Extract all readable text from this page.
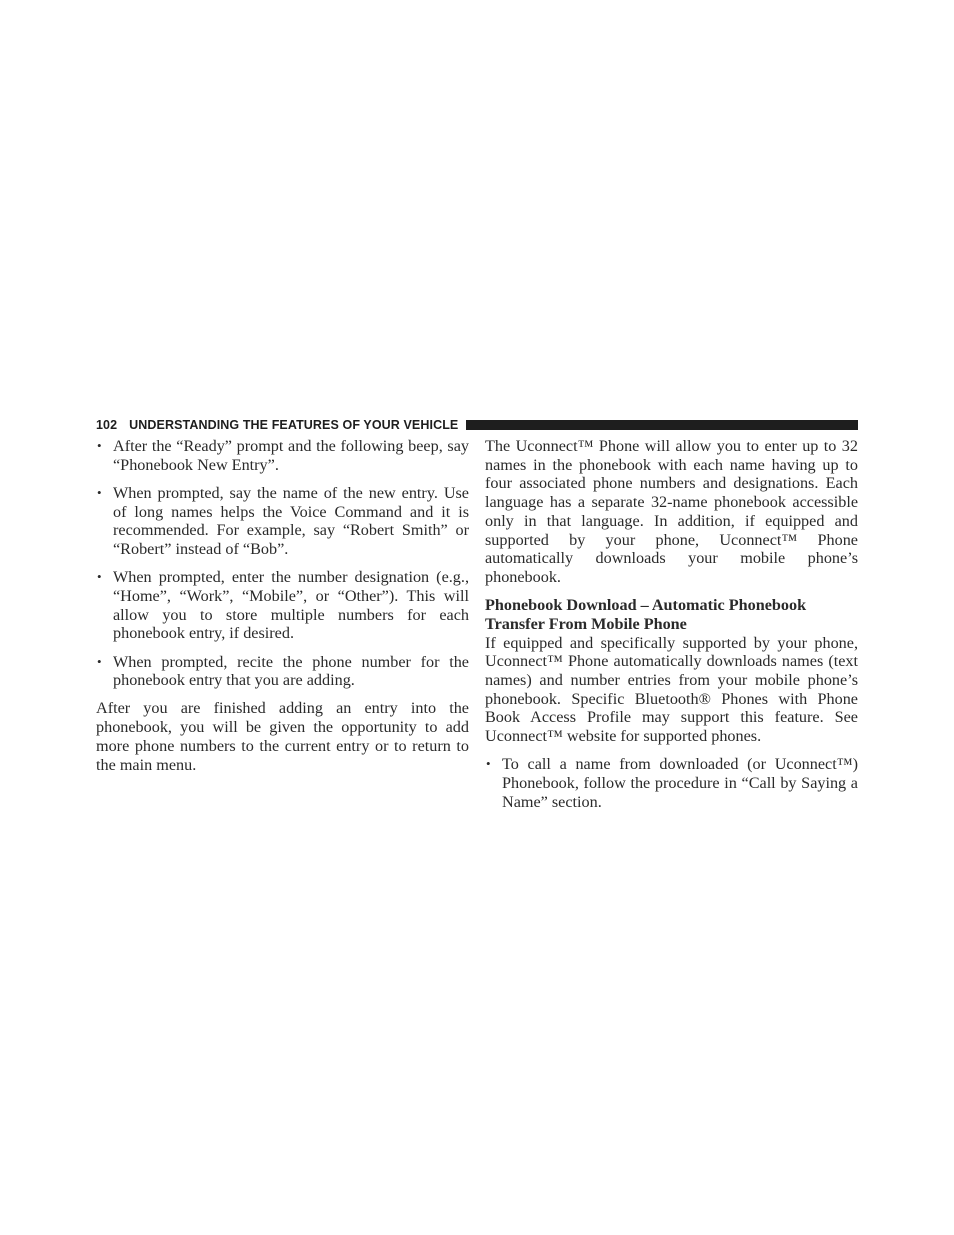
102 UNDERSTANDING THE FEATURES OF YOUR VEHICLE
• After the “Ready” prompt and the following beep, say “Phonebook New Entry”.
• When prompted, say the name of the new entry. Use of long names helps the Voice Command and it is recommended. For example, say “Robert Smith” or “Robert” instead of “Bob”.
• When prompted, enter the number designation (e.g., “Home”, “Work”, “Mobile”, or “Other”). This will allow you to store multiple numbers for each phonebook entry, if desired.
• When prompted, recite the phone number for the phonebook entry that you are adding.

After you are finished adding an entry into the phonebook, you will be given the opportunity to add more phone numbers to the current entry or to return to the main menu.

The Uconnect™ Phone will allow you to enter up to 32 names in the phonebook with each name having up to four associated phone numbers and designations. Each language has a separate 32-name phonebook accessible only in that language. In addition, if equipped and supported by your phone, Uconnect™ Phone automatically downloads your mobile phone’s phonebook.

Phonebook Download – Automatic Phonebook Transfer From Mobile Phone

If equipped and specifically supported by your phone, Uconnect™ Phone automatically downloads names (text names) and number entries from your mobile phone’s phonebook. Specific Bluetooth® Phones with Phone Book Access Profile may support this feature. See Uconnect™ website for supported phones.

• To call a name from downloaded (or Uconnect™) Phonebook, follow the procedure in “Call by Saying a Name” section.
